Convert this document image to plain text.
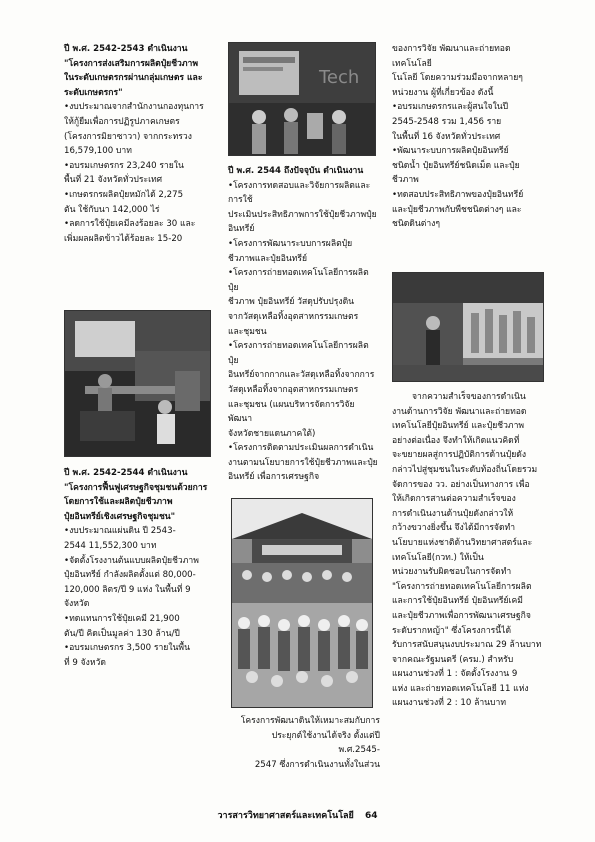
ปี พ.ศ. 2542-2543 ดำเนินงาน

"โครงการส่งเสริมการผลิตปุ๋ยชีวภาพ

ในระดับเกษตรกรผ่านกลุ่มเกษตร และ

ระดับเกษตรกร"

•งบประมาณจากสำนักงานกองทุนการ

ให้กู้ยืมเพื่อการปฏิรูปภาคเกษตร

(โครงการมิยาซาวา) จากกระทรวง

16,579,100 บาท

•อบรมเกษตรกร 23,240 รายใน

พื้นที่ 21 จังหวัดทั่วประเทศ

•เกษตรกรผลิตปุ๋ยหมักได้ 2,275

ตัน ใช้กับนา 142,000 ไร่

•ลดการใช้ปุ๋ยเคมีลงร้อยละ 30 และ

เพิ่มผลผลิตข้าวได้ร้อยละ 15-20

ปี พ.ศ. 2542-2544 ดำเนินงาน

"โครงการฟื้นฟูเศรษฐกิจชุมชนด้วยการ

โดยการใช้และผลิตปุ๋ยชีวภาพ

ปุ๋ยอินทรีย์เชิงเศรษฐกิจชุมชน"

•งบประมาณแผ่นดิน ปี 2543-

2544 11,552,300 บาท

•จัดตั้งโรงงานต้นแบบผลิตปุ๋ยชีวภาพ

ปุ๋ยอินทรีย์ กำลังผลิตตั้งแต่ 80,000-

120,000 ลิตร/ปี 9 แห่ง ในพื้นที่ 9

จังหวัด

•ทดแทนการใช้ปุ๋ยเคมี 21,900

ตัน/ปี คิดเป็นมูลค่า 130 ล้าน/ปี

•อบรมเกษตรกร 3,500 รายในพื้น

ที่ 9 จังหวัด

Tech

ปี พ.ศ. 2544 ถึงปัจจุบัน ดำเนินงาน

•โครงการทดสอบและวิจัยการผลิตและการใช้

ประเมินประสิทธิภาพการใช้ปุ๋ยชีวภาพปุ๋ย

อินทรีย์

•โครงการพัฒนาระบบการผลิตปุ๋ย

ชีวภาพและปุ๋ยอินทรีย์

•โครงการถ่ายทอดเทคโนโลยีการผลิตปุ๋ย

ชีวภาพ ปุ๋ยอินทรีย์ วัสดุปรับปรุงดิน

จากวัสดุเหลือทิ้งอุตสาหกรรมเกษตร

และชุมชน

•โครงการถ่ายทอดเทคโนโลยีการผลิตปุ๋ย

อินทรีย์จากกากและวัสดุเหลือทิ้งจากการ

วัสดุเหลือทิ้งจากอุตสาหกรรมเกษตร

และชุมชน (แผนบริหารจัดการวิจัยพัฒนา

จังหวัดชายแดนภาคใต้)

•โครงการติดตามประเมินผลการดำเนิน

งานตามนโยบายการใช้ปุ๋ยชีวภาพและปุ๋ย

อินทรีย์ เพื่อการเศรษฐกิจ

โครงการพัฒนาดินให้เหมาะสมกับการ

ประยุกต์ใช้งานได้จริง ตั้งแต่ปี พ.ศ.2545-

2547 ซึ่งการดำเนินงานทั้งในส่วน

ของการวิจัย พัฒนาและถ่ายทอดเทคโนโลยี

โนโลยี โดยความร่วมมือจากหลายๆ

หน่วยงาน ผู้ที่เกี่ยวข้อง ดังนี้

•อบรมเกษตรกรและผู้สนใจในปี

2545-2548 รวม 1,456 ราย

ในพื้นที่ 16 จังหวัดทั่วประเทศ

•พัฒนาระบบการผลิตปุ๋ยอินทรีย์

ชนิดน้ำ ปุ๋ยอินทรีย์ชนิดเม็ด และปุ๋ย

ชีวภาพ

•ทดสอบประสิทธิภาพของปุ๋ยอินทรีย์

และปุ๋ยชีวภาพกับพืชชนิดต่างๆ และ

ชนิดดินต่างๆ

จากความสำเร็จของการดำเนิน

งานด้านการวิจัย พัฒนาและถ่ายทอด

เทคโนโลยีปุ๋ยอินทรีย์ และปุ๋ยชีวภาพ

อย่างต่อเนื่อง จึงทำให้เกิดแนวคิดที่

จะขยายผลสู่การปฏิบัติการด้านปุ๋ยดัง

กล่าวไปสู่ชุมชนในระดับท้องถิ่นโดยรวม

จัดการของ วว. อย่างเป็นทางการ เพื่อ

ให้เกิดการสานต่อความสำเร็จของ

การดำเนินงานด้านปุ๋ยดังกล่าวให้

กว้างขวางยิ่งขึ้น จึงได้มีการจัดทำ

นโยบายแห่งชาติด้านวิทยาศาสตร์และ

เทคโนโลยี(กวท.) ให้เป็น

หน่วยงานรับผิดชอบในการจัดทำ

"โครงการถ่ายทอดเทคโนโลยีการผลิต

และการใช้ปุ๋ยอินทรีย์ ปุ๋ยอินทรีย์เคมี

และปุ๋ยชีวภาพเพื่อการพัฒนาเศรษฐกิจ

ระดับรากหญ้า" ซึ่งโครงการนี้ได้

รับการสนับสนุนงบประมาณ 29 ล้านบาท

จากคณะรัฐมนตรี (ครม.) สำหรับ

แผนงานช่วงที่ 1 : จัดตั้งโรงงาน 9

แห่ง และถ่ายทอดเทคโนโลยี 11 แห่ง

แผนงานช่วงที่ 2 : 10 ล้านบาท

วารสารวิทยาศาสตร์และเทคโนโลยี 64
